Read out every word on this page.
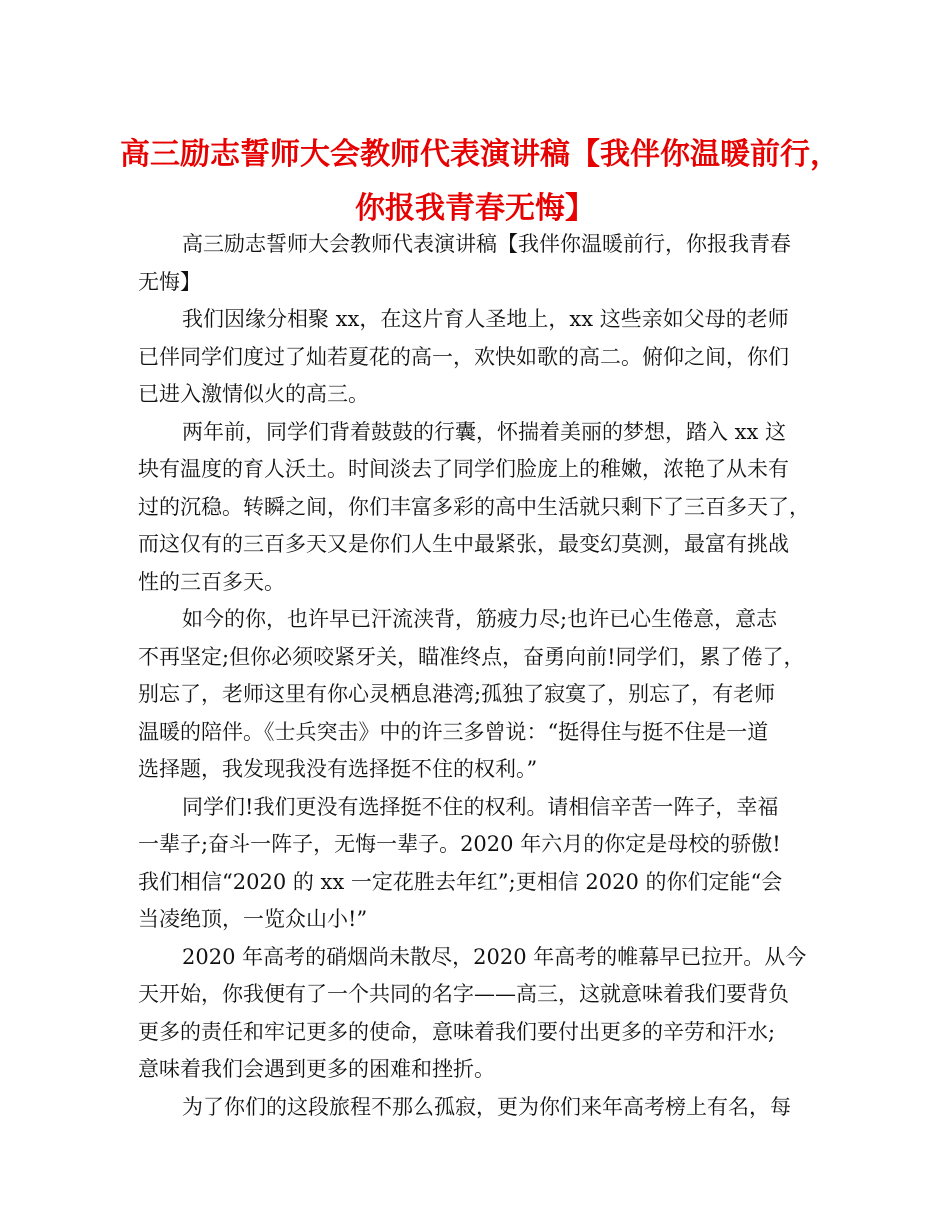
高三励志誓师大会教师代表演讲稿【我伴你温暖前行，
你报我青春无悔】
高三励志誓师大会教师代表演讲稿【我伴你温暖前行，你报我青春
无悔】
我们因缘分相聚 xx，在这片育人圣地上，xx 这些亲如父母的老师
已伴同学们度过了灿若夏花的高一，欢快如歌的高二。俯仰之间，你们
已进入激情似火的高三。
两年前，同学们背着鼓鼓的行囊，怀揣着美丽的梦想，踏入 xx 这
块有温度的育人沃土。时间淡去了同学们脸庞上的稚嫩，浓艳了从未有
过的沉稳。转瞬之间，你们丰富多彩的高中生活就只剩下了三百多天了，
而这仅有的三百多天又是你们人生中最紧张，最变幻莫测，最富有挑战
性的三百多天。
如今的你，也许早已汗流浃背，筋疲力尽;也许已心生倦意，意志
不再坚定;但你必须咬紧牙关，瞄准终点，奋勇向前!同学们，累了倦了，
别忘了，老师这里有你心灵栖息港湾;孤独了寂寞了，别忘了，有老师
温暖的陪伴。《士兵突击》中的许三多曾说：“挺得住与挺不住是一道
选择题，我发现我没有选择挺不住的权利。”
同学们!我们更没有选择挺不住的权利。请相信辛苦一阵子，幸福
一辈子;奋斗一阵子，无悔一辈子。2020 年六月的你定是母校的骄傲!
我们相信“2020 的 xx 一定花胜去年红”;更相信 2020 的你们定能“会
当凌绝顶，一览众山小!”
2020 年高考的硝烟尚未散尽，2020 年高考的帷幕早已拉开。从今
天开始，你我便有了一个共同的名字——高三，这就意味着我们要背负
更多的责任和牢记更多的使命，意味着我们要付出更多的辛劳和汗水;
意味着我们会遇到更多的困难和挫折。
为了你们的这段旅程不那么孤寂，更为你们来年高考榜上有名，每
